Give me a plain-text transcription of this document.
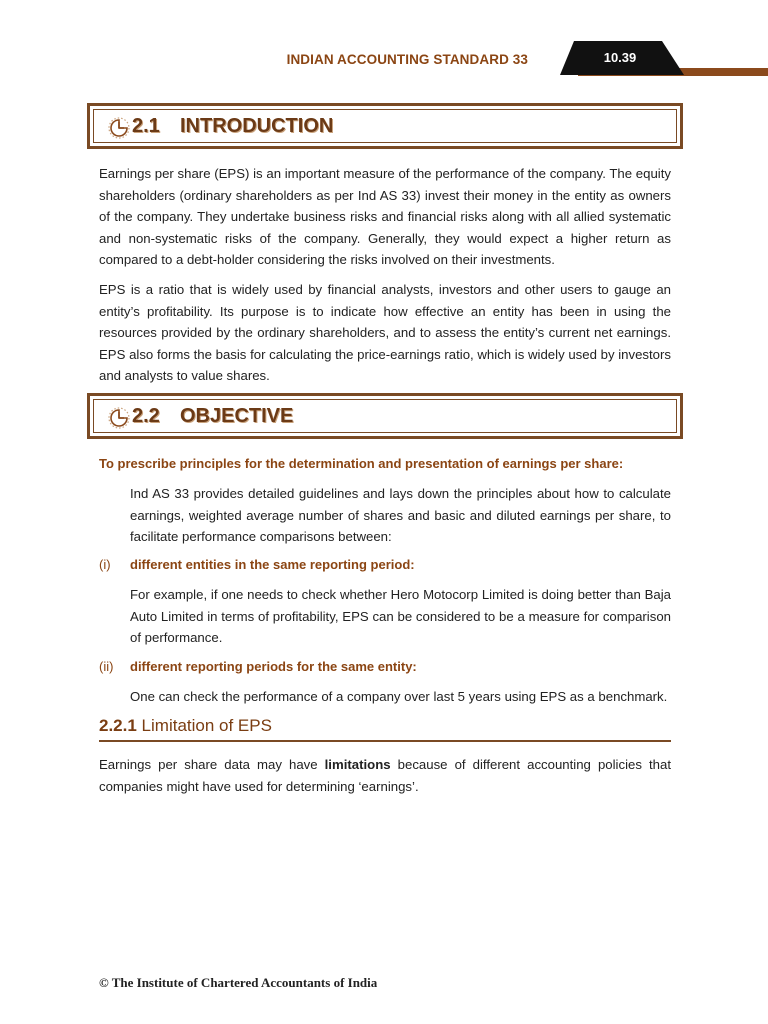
INDIAN ACCOUNTING STANDARD 33	10.39
2.1 INTRODUCTION

Earnings per share (EPS) is an important measure of the performance of the company. The equity shareholders (ordinary shareholders as per Ind AS 33) invest their money in the entity as owners of the company. They undertake business risks and financial risks along with all allied systematic and non-systematic risks of the company. Generally, they would expect a higher return as compared to a debt-holder considering the risks involved on their investments.

EPS is a ratio that is widely used by financial analysts, investors and other users to gauge an entity’s profitability. Its purpose is to indicate how effective an entity has been in using the resources provided by the ordinary shareholders, and to assess the entity’s current net earnings. EPS also forms the basis for calculating the price-earnings ratio, which is widely used by investors and analysts to value shares.

2.2 OBJECTIVE
To prescribe principles for the determination and presentation of earnings per share:

Ind AS 33 provides detailed guidelines and lays down the principles about how to calculate earnings, weighted average number of shares and basic and diluted earnings per share, to facilitate performance comparisons between:

(i) different entities in the same reporting period:

For example, if one needs to check whether Hero Motocorp Limited is doing better than Baja Auto Limited in terms of profitability, EPS can be considered to be a measure for comparison of performance.

(ii) different reporting periods for the same entity:

One can check the performance of a company over last 5 years using EPS as a benchmark.

2.2.1 Limitation of EPS

Earnings per share data may have limitations because of different accounting policies that companies might have used for determining ‘earnings’.

© The Institute of Chartered Accountants of India
